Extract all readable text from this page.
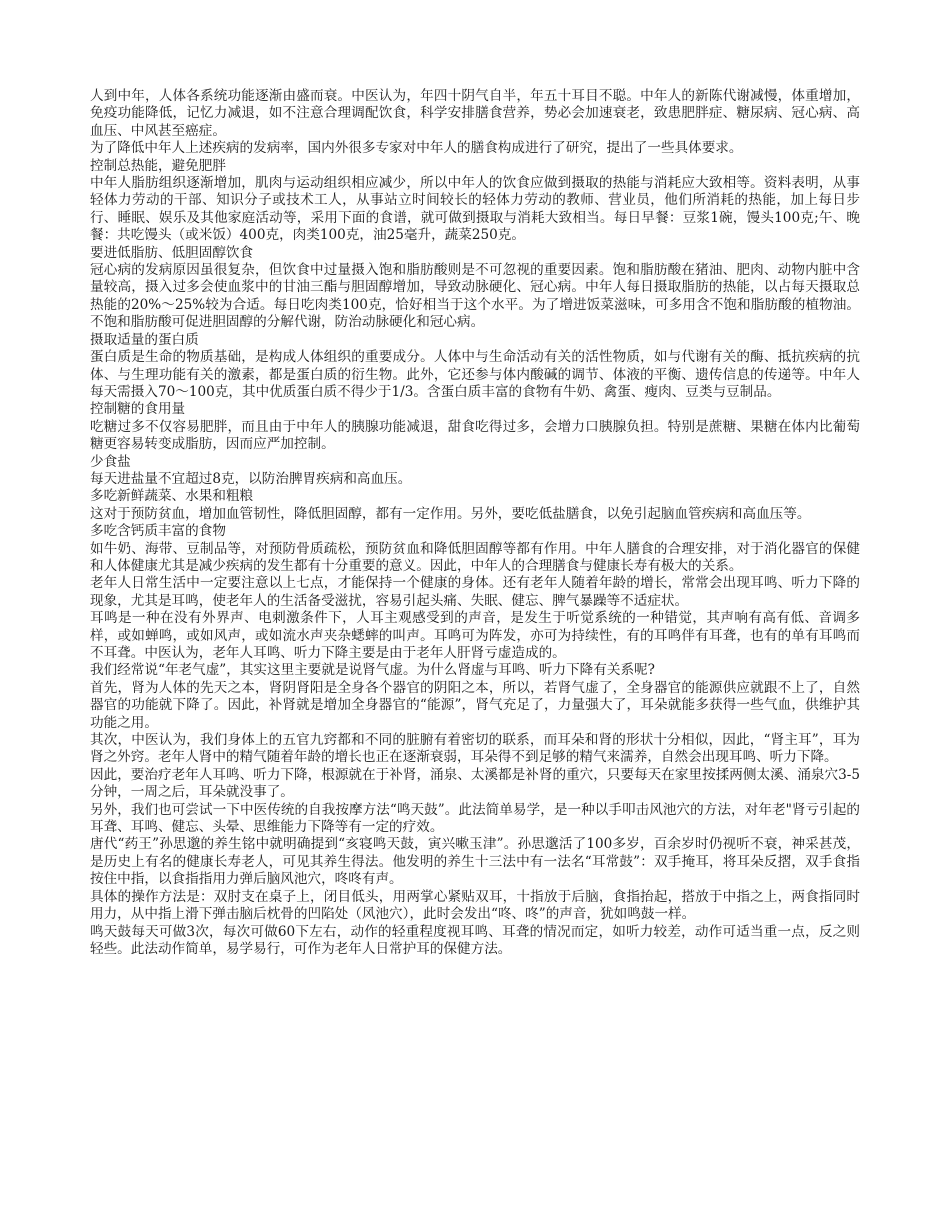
人到中年，人体各系统功能逐渐由盛而衰。中医认为，年四十阴气自半，年五十耳目不聪。中年人的新陈代谢减慢，体重增加，免疫功能降低，记忆力减退，如不注意合理调配饮食，科学安排膳食营养，势必会加速衰老，致患肥胖症、糖尿病、冠心病、高血压、中风甚至癌症。

为了降低中年人上述疾病的发病率，国内外很多专家对中年人的膳食构成进行了研究，提出了一些具体要求。

控制总热能，避免肥胖

中年人脂肪组织逐渐增加，肌肉与运动组织相应减少，所以中年人的饮食应做到摄取的热能与消耗应大致相等。资料表明，从事轻体力劳动的干部、知识分子或技术工人，从事站立时间较长的轻体力劳动的教师、营业员，他们所消耗的热能，加上每日步行、睡眠、娱乐及其他家庭活动等，采用下面的食谱，就可做到摄取与消耗大致相当。每日早餐：豆浆1碗，馒头100克;午、晚餐：共吃馒头（或米饭）400克，肉类100克，油25毫升，蔬菜250克。

要进低脂肪、低胆固醇饮食

冠心病的发病原因虽很复杂，但饮食中过量摄入饱和脂肪酸则是不可忽视的重要因素。饱和脂肪酸在猪油、肥肉、动物内脏中含量较高，摄入过多会使血浆中的甘油三酯与胆固醇增加，导致动脉硬化、冠心病。中年人每日摄取脂肪的热能，以占每天摄取总热能的20%～25%较为合适。每日吃肉类100克，恰好相当于这个水平。为了增进饭菜滋味，可多用含不饱和脂肪酸的植物油。不饱和脂肪酸可促进胆固醇的分解代谢，防治动脉硬化和冠心病。

摄取适量的蛋白质

蛋白质是生命的物质基础，是构成人体组织的重要成分。人体中与生命活动有关的活性物质，如与代谢有关的酶、抵抗疾病的抗体、与生理功能有关的激素，都是蛋白质的衍生物。此外，它还参与体内酸碱的调节、体液的平衡、遗传信息的传递等。中年人每天需摄入70～100克，其中优质蛋白质不得少于1/3。含蛋白质丰富的食物有牛奶、禽蛋、瘦肉、豆类与豆制品。

控制糖的食用量

吃糖过多不仅容易肥胖，而且由于中年人的胰腺功能减退，甜食吃得过多，会增力口胰腺负担。特别是蔗糖、果糖在体内比葡萄糖更容易转变成脂肪，因而应严加控制。

少食盐

每天进盐量不宜超过8克，以防治脾胃疾病和高血压。

多吃新鲜蔬菜、水果和粗粮

这对于预防贫血，增加血管韧性，降低胆固醇，都有一定作用。另外，要吃低盐膳食，以免引起脑血管疾病和高血压等。

多吃含钙质丰富的食物

如牛奶、海带、豆制品等，对预防骨质疏松，预防贫血和降低胆固醇等都有作用。中年人膳食的合理安排，对于消化器官的保健和人体健康尤其是减少疾病的发生都有十分重要的意义。因此，中年人的合理膳食与健康长寿有极大的关系。

老年人日常生活中一定要注意以上七点，才能保持一个健康的身体。还有老年人随着年龄的增长，常常会出现耳鸣、听力下降的现象，尤其是耳鸣，使老年人的生活备受滋扰，容易引起头痛、失眠、健忘、脾气暴躁等不适症状。

耳鸣是一种在没有外界声、电刺激条件下，人耳主观感受到的声音，是发生于听觉系统的一种错觉，其声响有高有低、音调多样，或如蝉鸣，或如风声，或如流水声夹杂蟋蟀的叫声。耳鸣可为阵发，亦可为持续性，有的耳鸣伴有耳聋，也有的单有耳鸣而不耳聋。中医认为，老年人耳鸣、听力下降主要是由于老年人肝肾亏虚造成的。

我们经常说“年老气虚”，其实这里主要就是说肾气虚。为什么肾虚与耳鸣、听力下降有关系呢?

首先，肾为人体的先天之本，肾阴肾阳是全身各个器官的阴阳之本，所以，若肾气虚了，全身器官的能源供应就跟不上了，自然器官的功能就下降了。因此，补肾就是增加全身器官的“能源”，肾气充足了，力量强大了，耳朵就能多获得一些气血，供维护其功能之用。

其次，中医认为，我们身体上的五官九窍都和不同的脏腑有着密切的联系，而耳朵和肾的形状十分相似，因此，“肾主耳”，耳为肾之外窍。老年人肾中的精气随着年龄的增长也正在逐渐衰弱，耳朵得不到足够的精气来濡养，自然会出现耳鸣、听力下降。

因此，要治疗老年人耳鸣、听力下降，根源就在于补肾，涌泉、太溪都是补肾的重穴，只要每天在家里按揉两侧太溪、涌泉穴3-5分钟，一周之后，耳朵就没事了。

另外，我们也可尝试一下中医传统的自我按摩方法“鸣天鼓”。此法简单易学，是一种以手叩击风池穴的方法，对年老"肾亏引起的耳聋、耳鸣、健忘、头晕、思维能力下降等有一定的疗效。

唐代“药王”孙思邈的养生铭中就明确提到“亥寝鸣天鼓，寅兴嗽玉津”。孙思邈活了100多岁，百余岁时仍视听不衰，神采甚茂，是历史上有名的健康长寿老人，可见其养生得法。他发明的养生十三法中有一法名“耳常鼓”：双手掩耳，将耳朵反摺，双手食指按住中指，以食指指用力弹后脑风池穴，咚咚有声。

具体的操作方法是：双肘支在桌子上，闭目低头，用两掌心紧贴双耳，十指放于后脑，食指抬起，搭放于中指之上，两食指同时用力，从中指上滑下弹击脑后枕骨的凹陷处（风池穴），此时会发出“咚、咚”的声音，犹如鸣鼓一样。

鸣天鼓每天可做3次，每次可做60下左右，动作的轻重程度视耳鸣、耳聋的情况而定，如听力较差，动作可适当重一点，反之则轻些。此法动作简单，易学易行，可作为老年人日常护耳的保健方法。
